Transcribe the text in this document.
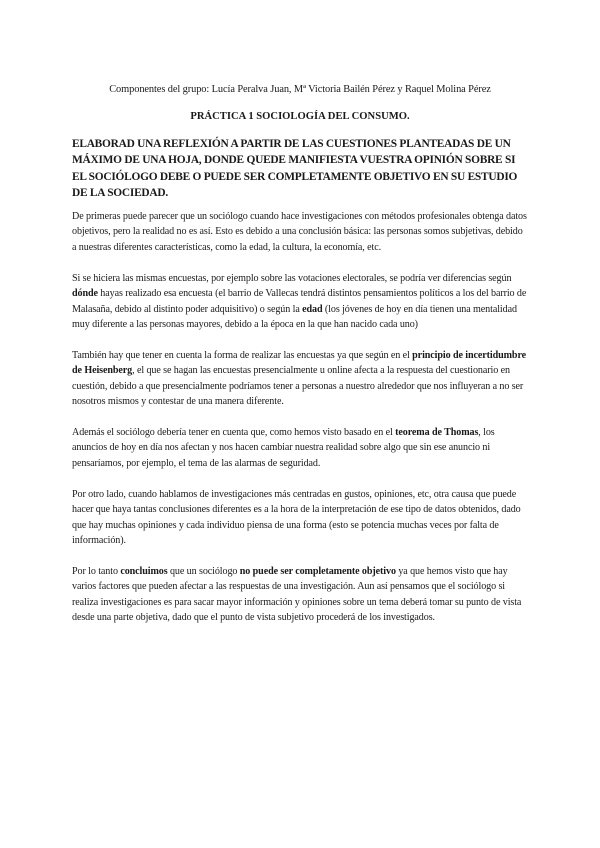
Componentes del grupo: Lucía Peralva Juan, Mª Victoria Bailén Pérez y Raquel Molina Pérez
PRÁCTICA 1 SOCIOLOGÍA DEL CONSUMO.
ELABORAD UNA REFLEXIÓN A PARTIR DE LAS CUESTIONES PLANTEADAS DE UN MÁXIMO DE UNA HOJA, DONDE QUEDE MANIFIESTA VUESTRA OPINIÓN SOBRE SI EL SOCIÓLOGO DEBE O PUEDE SER COMPLETAMENTE OBJETIVO EN SU ESTUDIO DE LA SOCIEDAD.

De primeras puede parecer que un sociólogo cuando hace investigaciones con métodos profesionales obtenga datos objetivos, pero la realidad no es así. Esto es debido a una conclusión básica: las personas somos subjetivas, debido a nuestras diferentes características, como la edad, la cultura, la economía, etc.

Si se hiciera las mismas encuestas, por ejemplo sobre las votaciones electorales, se podría ver diferencias según dónde hayas realizado esa encuesta (el barrio de Vallecas tendrá distintos pensamientos políticos a los del barrio de Malasaña, debido al distinto poder adquisitivo) o según la edad (los jóvenes de hoy en día tienen una mentalidad muy diferente a las personas mayores, debido a la época en la que han nacido cada uno)

También hay que tener en cuenta la forma de realizar las encuestas ya que según en el principio de incertidumbre de Heisenberg, el que se hagan las encuestas presencialmente u online afecta a la respuesta del cuestionario en cuestión, debido a que presencialmente podríamos tener a personas a nuestro alrededor que nos influyeran a no ser nosotros mismos y contestar de una manera diferente.

Además el sociólogo debería tener en cuenta que, como hemos visto basado en el teorema de Thomas, los anuncios de hoy en día nos afectan y nos hacen cambiar nuestra realidad sobre algo que sin ese anuncio ni pensaríamos, por ejemplo, el tema de las alarmas de seguridad.

Por otro lado, cuando hablamos de investigaciones más centradas en gustos, opiniones, etc, otra causa que puede hacer que haya tantas conclusiones diferentes es a la hora de la interpretación de ese tipo de datos obtenidos, dado que hay muchas opiniones y cada individuo piensa de una forma (esto se potencia muchas veces por falta de información).

Por lo tanto concluimos que un sociólogo no puede ser completamente objetivo ya que hemos visto que hay varios factores que pueden afectar a las respuestas de una investigación. Aun así pensamos que el sociólogo si realiza investigaciones es para sacar mayor información y opiniones sobre un tema deberá tomar su punto de vista desde una parte objetiva, dado que el punto de vista subjetivo procederá de los investigados.
